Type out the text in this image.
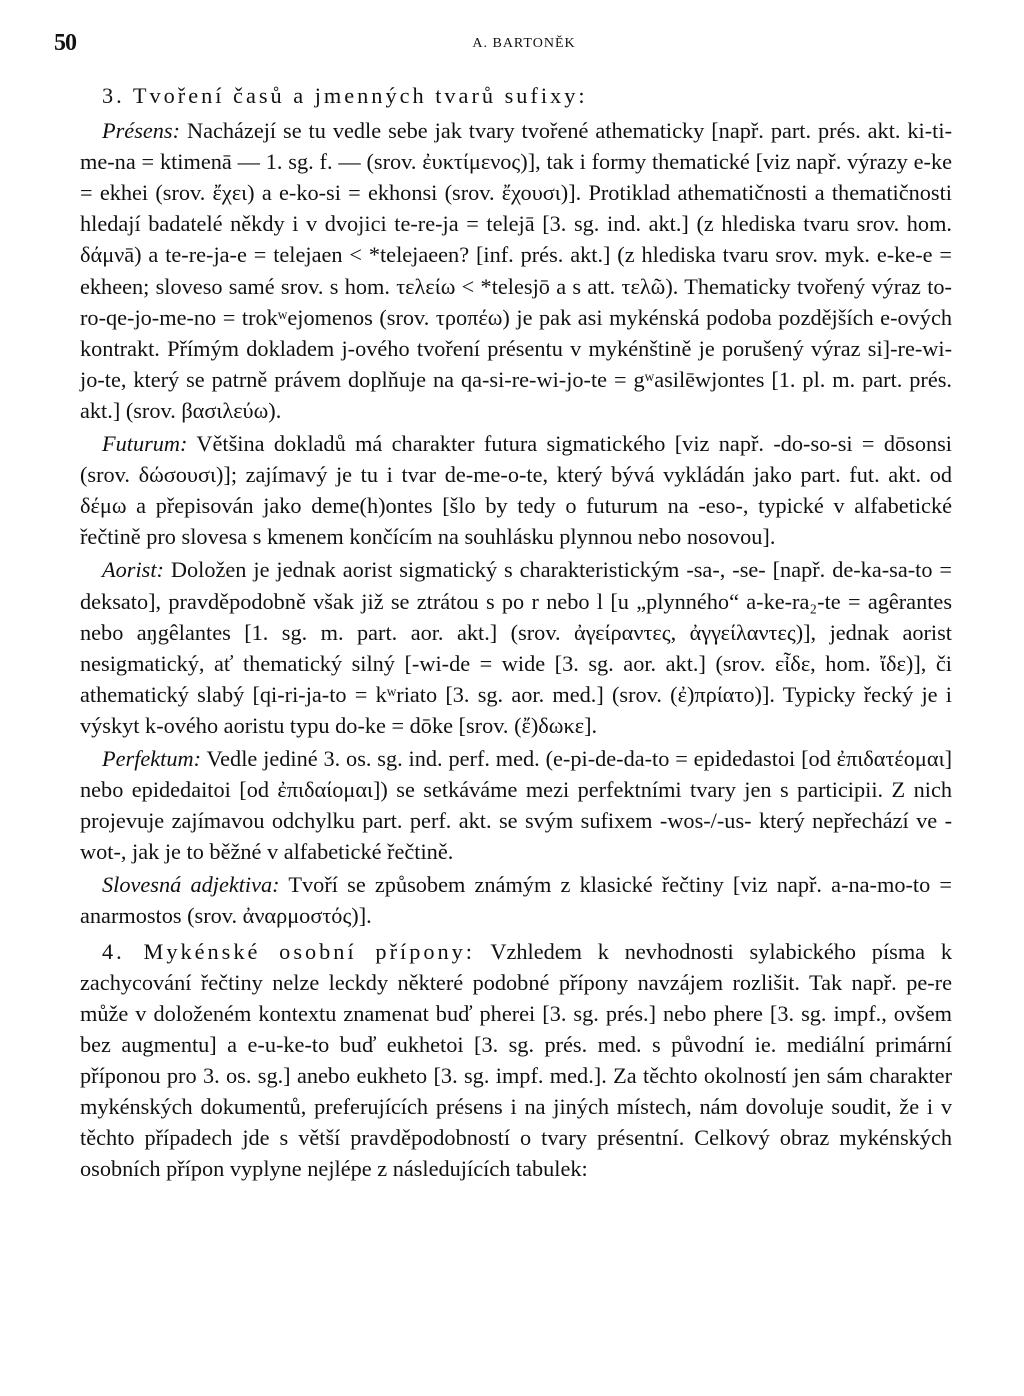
50	A. BARTONĚK

3. Tvoření časů a jmenných tvarů sufixy:

Présens: Nacházejí se tu vedle sebe jak tvary tvořené athematicky [např. part. prés. akt. ki-ti-me-na = ktimenā — 1. sg. f. — (srov. ἐυκτίμενος)], tak i formy thematické [viz např. výrazy e-ke = ekhei (srov. ἔχει) a e-ko-si = ekhonsi (srov. ἔχουσι)]. Protiklad athematičnosti a thematičnosti hledají badatelé někdy i v dvojici te-re-ja = telejā [3. sg. ind. akt.] (z hlediska tvaru srov. hom. δάμνā) a te-re-ja-e = telejaen < *telejaeen? [inf. prés. akt.] (z hlediska tvaru srov. myk. e-ke-e = ekheen; sloveso samé srov. s hom. τελείω < *telesjō a s att. τελῶ). Thematicky tvořený výraz to-ro-qe-jo-me-no = trokʷejomenos (srov. τροπέω) je pak asi mykénská podoba pozdějších e-ových kontrakt. Přímým dokladem j-ového tvoření présentu v mykénštině je porušený výraz si]-re-wi-jo-te, který se patrně právem doplňuje na qa-si-re-wi-jo-te = gʷasilēwjontes [1. pl. m. part. prés. akt.] (srov. βασιλεύω).

Futurum: Většina dokladů má charakter futura sigmatického [viz např. -do-so-si = dōsonsi (srov. δώσουσι)]; zajímavý je tu i tvar de-me-o-te, který bývá vykládán jako part. fut. akt. od δέμω a přepisován jako deme(h)ontes [šlo by tedy o futurum na -eso-, typické v alfabetické řečtině pro slovesa s kmenem končícím na souhlásku plynnou nebo nosovou].

Aorist: Doložen je jednak aorist sigmatický s charakteristickým -sa-, -se- [např. de-ka-sa-to = deksato], pravděpodobně však již se ztrátou s po r nebo l [u „plynného“ a-ke-ra₂-te = agêrantes nebo aŋgêlantes [1. sg. m. part. aor. akt.] (srov. ἀγείραντες, ἀγγείλαντες)], jednak aorist nesigmatický, ať thematický silný [-wi-de = wide [3. sg. aor. akt.] (srov. εἶδε, hom. ἴδε)], či athematický slabý [qi-ri-ja-to = kʷriato [3. sg. aor. med.] (srov. (ἐ)πρίατο)]. Typicky řecký je i výskyt k-ového aoristu typu do-ke = dōke [srov. (ἔ)δωκε].

Perfektum: Vedle jediné 3. os. sg. ind. perf. med. (e-pi-de-da-to = epidedastoi [od ἐπιδατέομαι] nebo epidedaitoi [od ἐπιδαίομαι]) se setkáváme mezi perfektními tvary jen s participii. Z nich projevuje zajímavou odchylku part. perf. akt. se svým sufixem -wos-/-us- který nepřechází ve -wot-, jak je to běžné v alfabetické řečtině.

Slovesná adjektiva: Tvoří se způsobem známým z klasické řečtiny [viz např. a-na-mo-to = anarmostos (srov. ἀναρμοστός)].

4. Mykénské osobní přípony: Vzhledem k nevhodnosti sylabického písma k zachycování řečtiny nelze leckdy některé podobné přípony navzájem rozlišit. Tak např. pe-re může v doloženém kontextu znamenat buď pherei [3. sg. prés.] nebo phere [3. sg. impf., ovšem bez augmentu] a e-u-ke-to buď eukhetoi [3. sg. prés. med. s původní ie. mediální primární příponou pro 3. os. sg.] anebo eukheto [3. sg. impf. med.]. Za těchto okolností jen sám charakter mykénských dokumentů, preferujících présens i na jiných místech, nám dovoluje soudit, že i v těchto případech jde s větší pravděpodobností o tvary présentní. Celkový obraz mykénských osobních přípon vyplyne nejlépe z následujících tabulek:
